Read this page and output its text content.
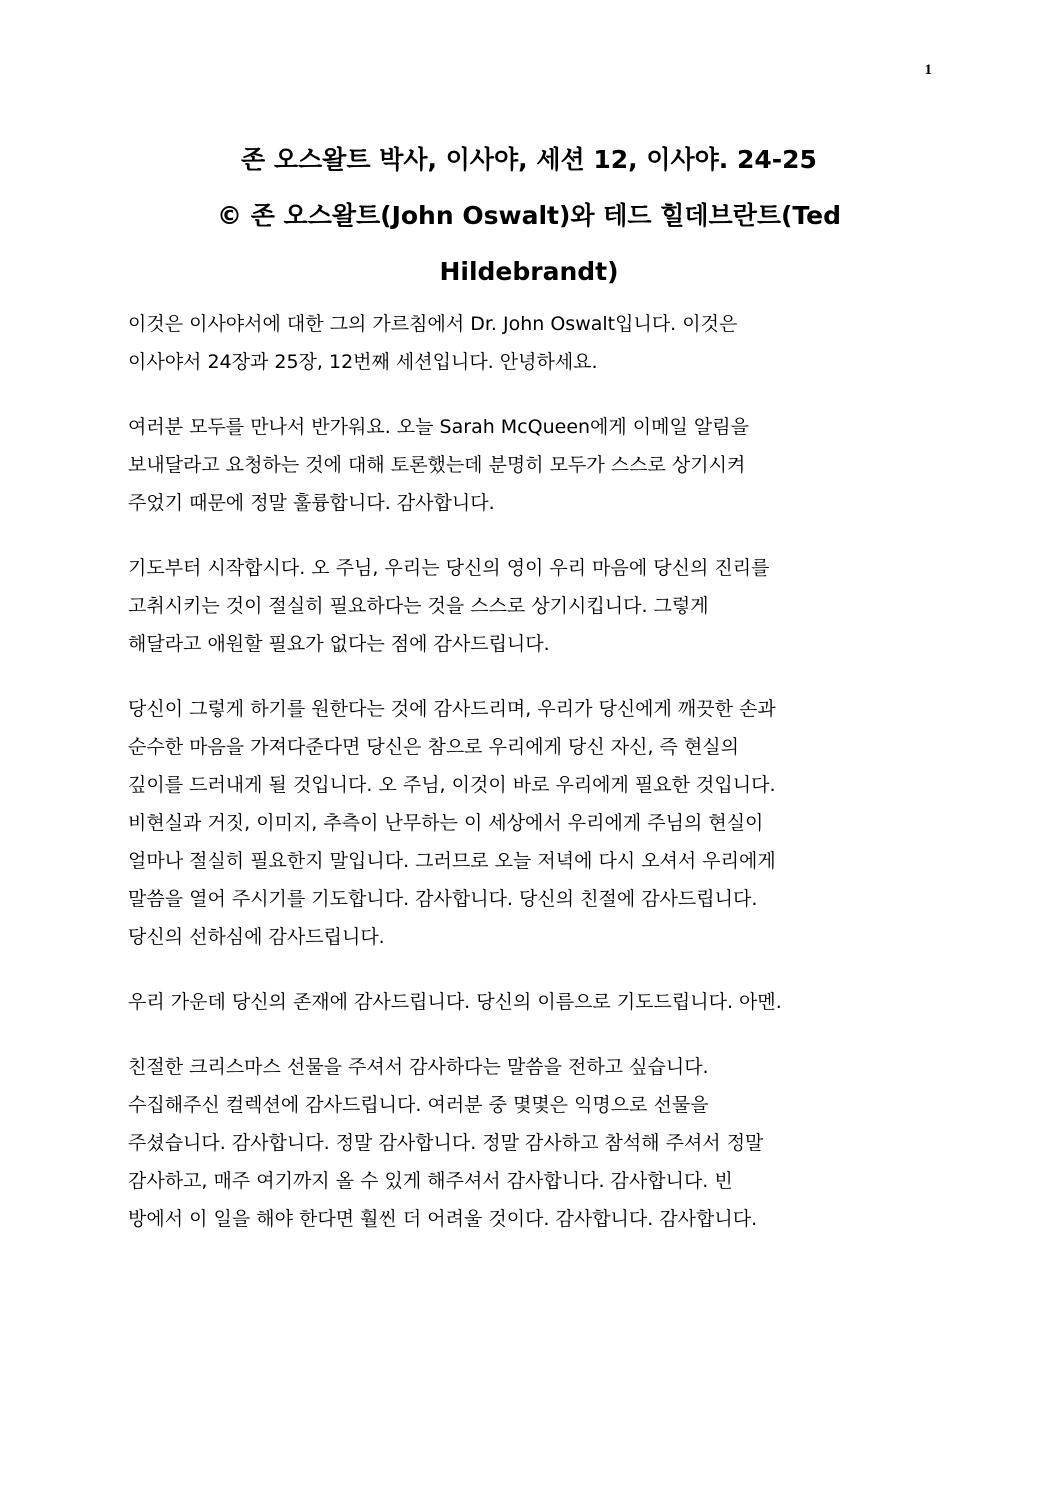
1
존 오스왈트 박사, 이사야, 세션 12, 이사야. 24-25
© 존 오스왈트(John Oswalt)와 테드 힐데브란트(Ted
Hildebrandt)

이것은 이사야서에 대한 그의 가르침에서 Dr. John Oswalt입니다. 이것은
이사야서 24장과 25장, 12번째 세션입니다. 안녕하세요.

여러분 모두를 만나서 반가워요. 오늘 Sarah McQueen에게 이메일 알림을
보내달라고 요청하는 것에 대해 토론했는데 분명히 모두가 스스로 상기시켜
주었기 때문에 정말 훌륭합니다. 감사합니다.

기도부터 시작합시다. 오 주님, 우리는 당신의 영이 우리 마음에 당신의 진리를
고취시키는 것이 절실히 필요하다는 것을 스스로 상기시킵니다. 그렇게
해달라고 애원할 필요가 없다는 점에 감사드립니다.

당신이 그렇게 하기를 원한다는 것에 감사드리며, 우리가 당신에게 깨끗한 손과
순수한 마음을 가져다준다면 당신은 참으로 우리에게 당신 자신, 즉 현실의
깊이를 드러내게 될 것입니다. 오 주님, 이것이 바로 우리에게 필요한 것입니다.
비현실과 거짓, 이미지, 추측이 난무하는 이 세상에서 우리에게 주님의 현실이
얼마나 절실히 필요한지 말입니다. 그러므로 오늘 저녁에 다시 오셔서 우리에게
말씀을 열어 주시기를 기도합니다. 감사합니다. 당신의 친절에 감사드립니다.
당신의 선하심에 감사드립니다.

우리 가운데 당신의 존재에 감사드립니다. 당신의 이름으로 기도드립니다. 아멘.

친절한 크리스마스 선물을 주셔서 감사하다는 말씀을 전하고 싶습니다.
수집해주신 컬렉션에 감사드립니다. 여러분 중 몇몇은 익명으로 선물을
주셨습니다. 감사합니다. 정말 감사합니다. 정말 감사하고 참석해 주셔서 정말
감사하고, 매주 여기까지 올 수 있게 해주셔서 감사합니다. 감사합니다. 빈
방에서 이 일을 해야 한다면 훨씬 더 어려울 것이다. 감사합니다. 감사합니다.
